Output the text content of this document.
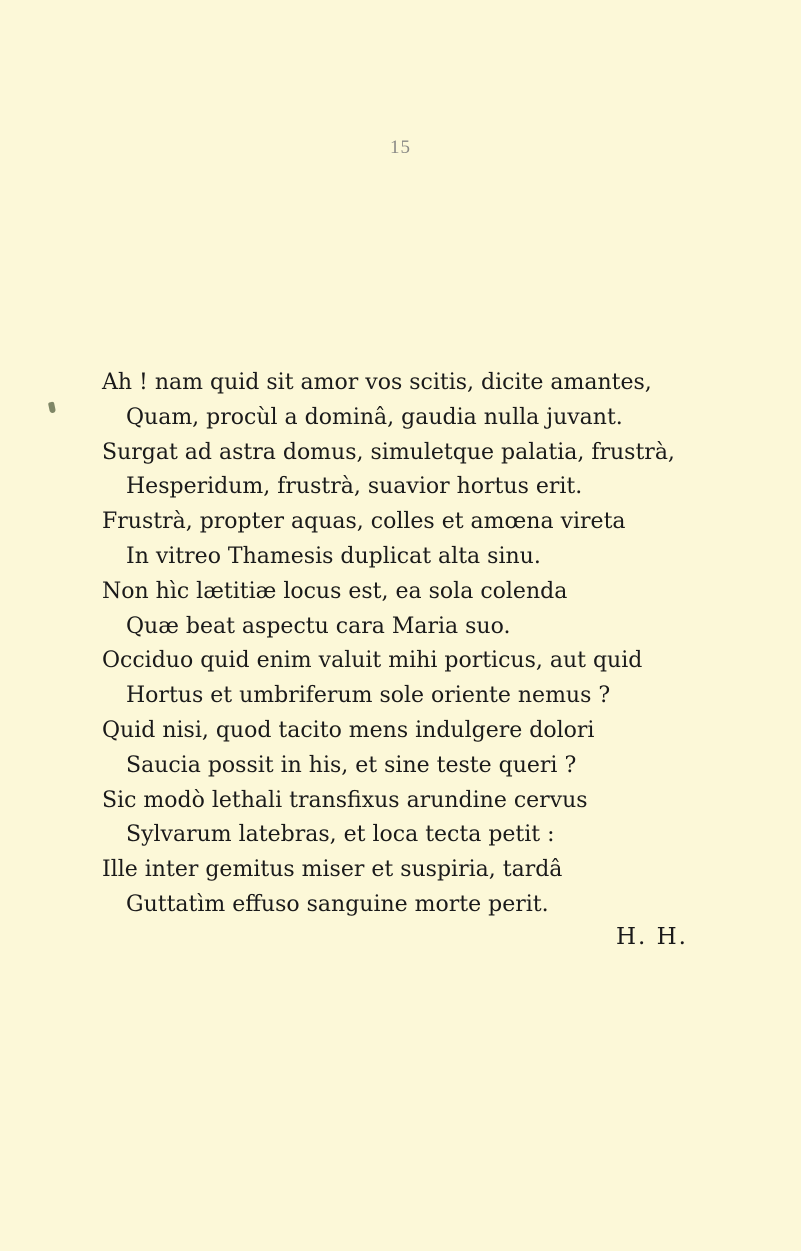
15
Ah ! nam quid sit amor vos scitis, dicite amantes,
Quam, procùl a dominâ, gaudia nulla juvant.
Surgat ad astra domus, simuletque palatia, frustrà,
Hesperidum, frustrà, suavior hortus erit.
Frustrà, propter aquas, colles et amœna vireta
In vitreo Thamesis duplicat alta sinu.
Non hìc lætitiæ locus est, ea sola colenda
Quæ beat aspectu cara Maria suo.
Occiduo quid enim valuit mihi porticus, aut quid
Hortus et umbriferum sole oriente nemus ?
Quid nisi, quod tacito mens indulgere dolori
Saucia possit in his, et sine teste queri ?
Sic modò lethali transfixus arundine cervus
Sylvarum latebras, et loca tecta petit :
Ille inter gemitus miser et suspiria, tardâ
Guttatìm effuso sanguine morte perit.
H. H.
